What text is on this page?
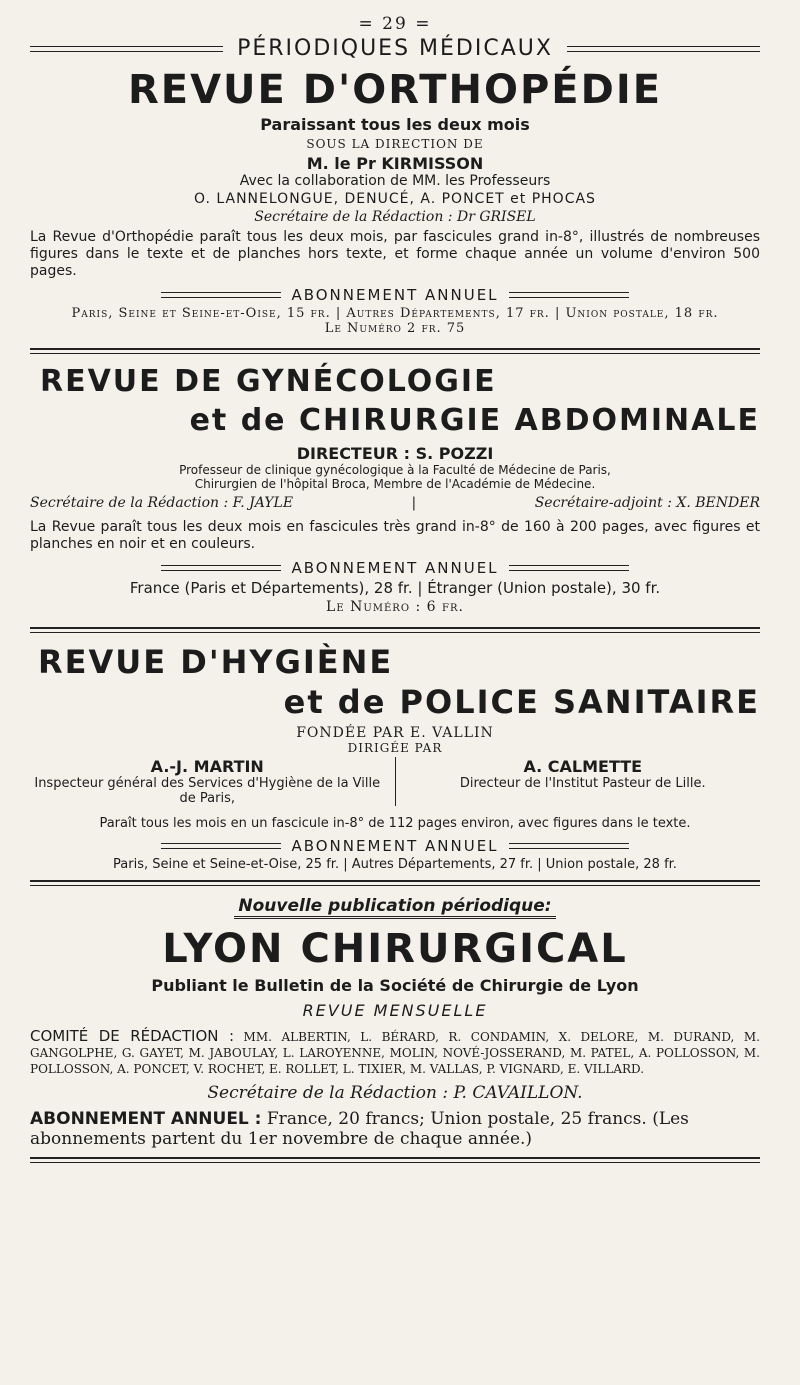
= 29 =
PÉRIODIQUES MÉDICAUX
REVUE D'ORTHOPÉDIE
Paraissant tous les deux mois
SOUS LA DIRECTION DE
M. le Pr KIRMISSON
Avec la collaboration de MM. les Professeurs
O. LANNELONGUE, DENUCÉ, A. PONCET et PHOCAS
Secrétaire de la Rédaction : Dr GRISEL

La Revue d'Orthopédie paraît tous les deux mois, par fascicules grand in-8°, illustrés de nombreuses figures dans le texte et de planches hors texte, et forme chaque année un volume d'environ 500 pages.

ABONNEMENT ANNUEL
Paris, Seine et Seine-et-Oise, 15 fr. | Autres Départements, 17 fr. | Union postale, 18 fr.
Le Numéro 2 fr. 75
REVUE DE GYNÉCOLOGIE
et de CHIRURGIE ABDOMINALE
DIRECTEUR : S. POZZI
Professeur de clinique gynécologique à la Faculté de Médecine de Paris,
Chirurgien de l'hôpital Broca, Membre de l'Académie de Médecine.
Secrétaire de la Rédaction : F. JAYLE	|	Secrétaire-adjoint : X. BENDER

La Revue paraît tous les deux mois en fascicules très grand in-8° de 160 à 200 pages, avec figures et planches en noir et en couleurs.

ABONNEMENT ANNUEL
France (Paris et Départements), 28 fr. | Étranger (Union postale), 30 fr.
Le Numéro : 6 fr.
REVUE D'HYGIÈNE
et de POLICE SANITAIRE
FONDÉE PAR E. VALLIN
DIRIGÉE PAR
A.-J. MARTIN
Inspecteur général des Services d'Hygiène de la Ville de Paris,
A. CALMETTE
Directeur de l'Institut Pasteur de Lille.

Paraît tous les mois en un fascicule in-8° de 112 pages environ, avec figures dans le texte.

ABONNEMENT ANNUEL
Paris, Seine et Seine-et-Oise, 25 fr. | Autres Départements, 27 fr. | Union postale, 28 fr.
Nouvelle publication périodique:
LYON CHIRURGICAL
Publiant le Bulletin de la Société de Chirurgie de Lyon
REVUE MENSUELLE

COMITÉ DE RÉDACTION : MM. ALBERTIN, L. BÉRARD, R. CONDAMIN, X. DELORE, M. DURAND, M. GANGOLPHE, G. GAYET, M. JABOULAY, L. LAROYENNE, MOLIN, NOVÉ-JOSSERAND, M. PATEL, A. POLLOSSON, M. POLLOSSON, A. PONCET, V. ROCHET, E. ROLLET, L. TIXIER, M. VALLAS, P. VIGNARD, E. VILLARD.

Secrétaire de la Rédaction : P. CAVAILLON.

ABONNEMENT ANNUEL : France, 20 francs; Union postale, 25 francs. (Les abonnements partent du 1er novembre de chaque année.)
